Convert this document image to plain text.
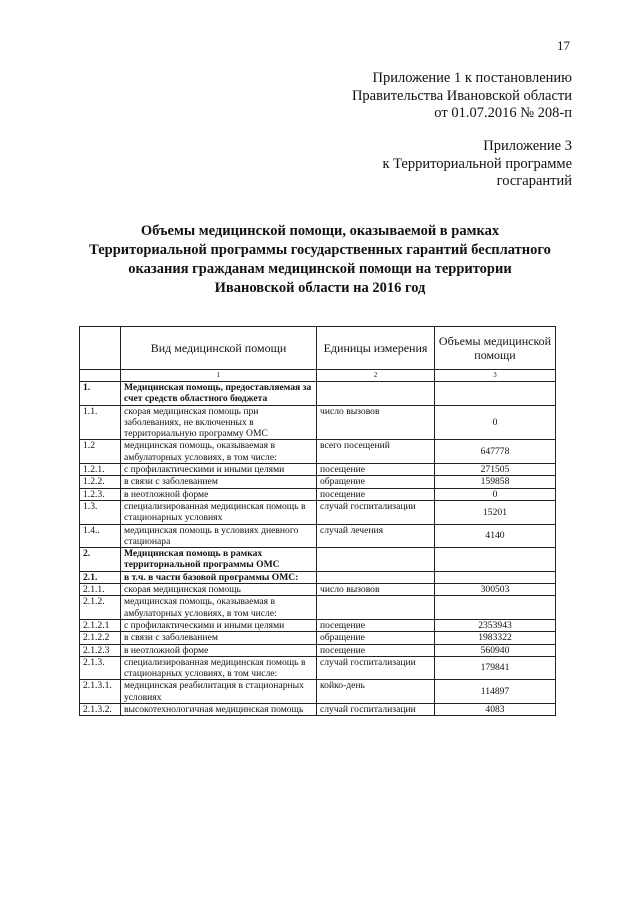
17
Приложение 1 к постановлению
Правительства Ивановской области
от 01.07.2016 № 208-п
Приложение 3
к Территориальной программе
госгарантий
Объемы медицинской помощи, оказываемой в рамках
Территориальной программы государственных гарантий бесплатного
оказания гражданам медицинской помощи на территории
Ивановской области на 2016 год
	Вид медицинской помощи	Единицы измерения	Объемы медицинской помощи
	1	2	3
1.	Медицинская помощь, предоставляемая за счет средств областного бюджета		
1.1.	скорая медицинская помощь при заболеваниях, не включенных в территориальную программу ОМС	число вызовов	0
1.2	медицинская помощь, оказываемая в амбулаторных условиях, в том числе:	всего посещений	647778
1.2.1.	с профилактическими и иными целями	посещение	271505
1.2.2.	в связи с заболеванием	обращение	159858
1.2.3.	в неотложной форме	посещение	0
1.3.	специализированная медицинская помощь в стационарных условиях	случай госпитализации	15201
1.4..	медицинская помощь в условиях дневного стационара	случай лечения	4140
2.	Медицинская помощь в рамках территориальной программы ОМС		
2.1.	в т.ч. в части базовой программы ОМС:		
2.1.1.	скорая медицинская помощь	число вызовов	300503
2.1.2.	медицинская помощь, оказываемая в амбулаторных условиях, в том числе:		
2.1.2.1	с профилактическими и иными целями	посещение	2353943
2.1.2.2	в связи с заболеванием	обращение	1983322
2.1.2.3	в неотложной форме	посещение	560940
2.1.3.	специализированная медицинская помощь в стационарных условиях, в том числе:	случай госпитализации	179841
2.1.3.1.	медицинская реабилитация в стационарных условиях	койко-день	114897
2.1.3.2.	высокотехнологичная медицинская помощь	случай госпитализации	4083
